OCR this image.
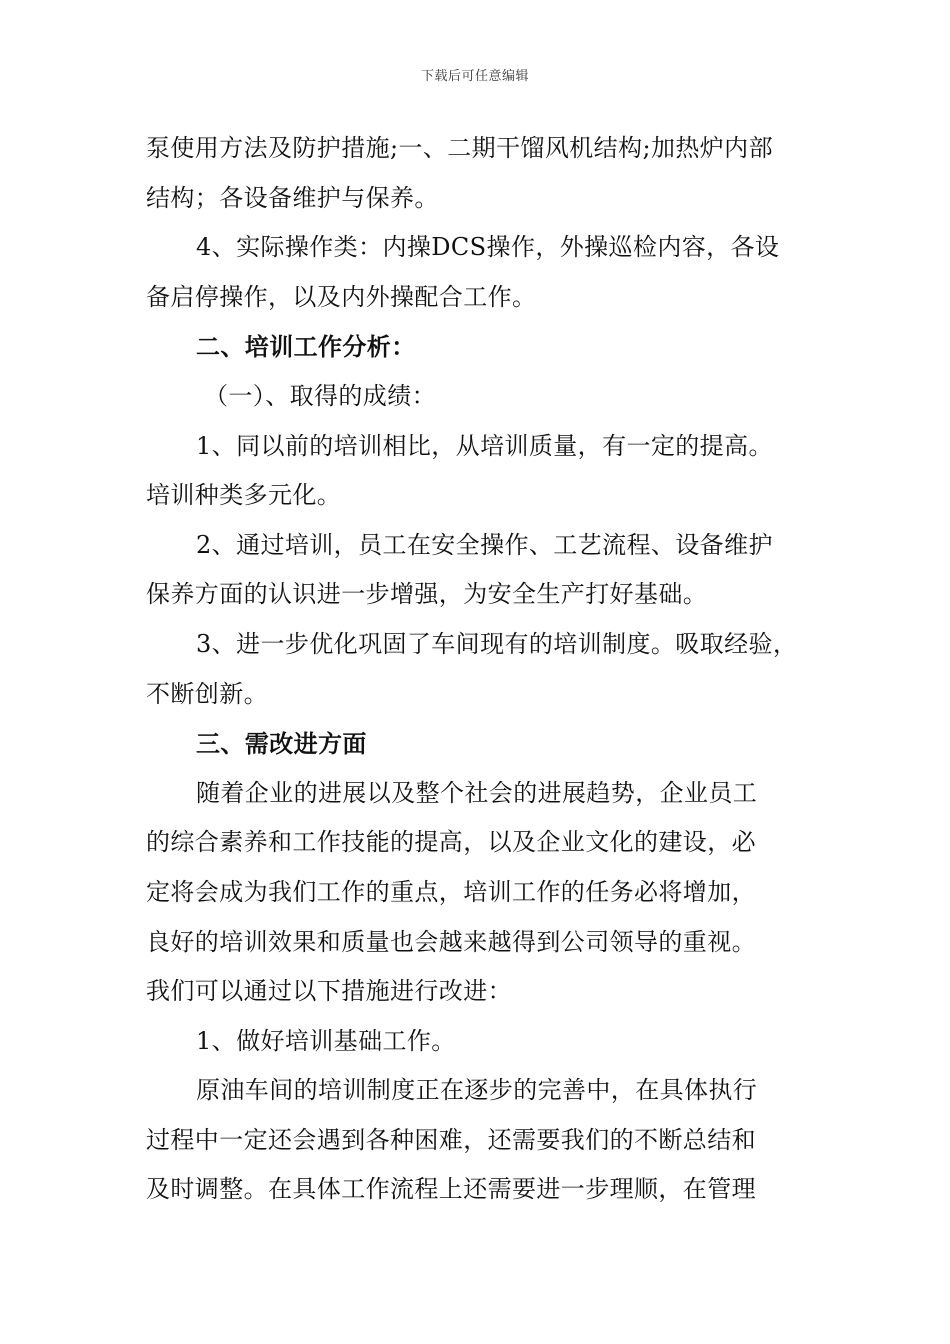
下载后可任意编辑
泵使用方法及防护措施;一、二期干馏风机结构;加热炉内部
结构；各设备维护与保养。
4、实际操作类：内操DCS操作，外操巡检内容，各设
备启停操作，以及内外操配合工作。
二、培训工作分析：
（一）、取得的成绩：
1、同以前的培训相比，从培训质量，有一定的提高。
培训种类多元化。
2、通过培训，员工在安全操作、工艺流程、设备维护
保养方面的认识进一步增强，为安全生产打好基础。
3、进一步优化巩固了车间现有的培训制度。吸取经验，
不断创新。
三、需改进方面
随着企业的进展以及整个社会的进展趋势，企业员工
的综合素养和工作技能的提高，以及企业文化的建设，必
定将会成为我们工作的重点，培训工作的任务必将增加，
良好的培训效果和质量也会越来越得到公司领导的重视。
我们可以通过以下措施进行改进：
1、做好培训基础工作。
原油车间的培训制度正在逐步的完善中，在具体执行
过程中一定还会遇到各种困难，还需要我们的不断总结和
及时调整。在具体工作流程上还需要进一步理顺，在管理
